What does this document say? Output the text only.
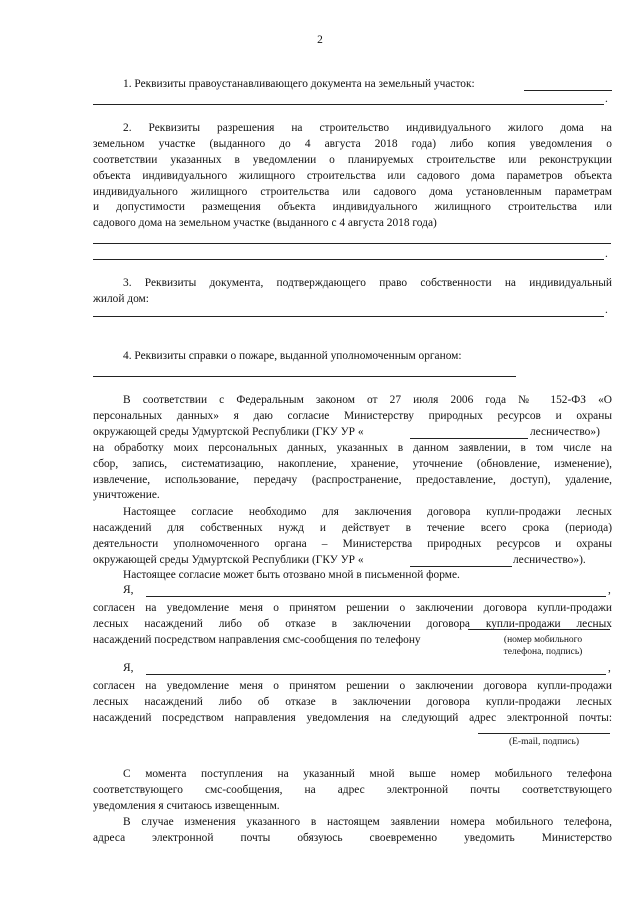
2
1. Реквизиты правоустанавливающего документа на земельный участок:
.
2. Реквизиты разрешения на строительство индивидуального жилого дома на
земельном участке (выданного до 4 августа 2018 года) либо копия уведомления о
соответствии указанных в уведомлении о планируемых строительстве или реконструкции
объекта индивидуального жилищного строительства или садового дома параметров объекта
индивидуального жилищного строительства или садового дома установленным параметрам
и допустимости размещения объекта индивидуального жилищного строительства или
садового дома на земельном участке (выданного с 4 августа 2018 года)
.
3. Реквизиты документа, подтверждающего право собственности на индивидуальный
жилой дом:
.
4. Реквизиты справки о пожаре, выданной уполномоченным органом:
В соответствии с Федеральным законом от 27 июля 2006 года № 152-ФЗ «О
персональных данных» я даю согласие Министерству природных ресурсов и охраны
окружающей среды Удмуртской Республики (ГКУ УР «	лесничество»)
на обработку моих персональных данных, указанных в данном заявлении, в том числе на
сбор, запись, систематизацию, накопление, хранение, уточнение (обновление, изменение),
извлечение, использование, передачу (распространение, предоставление, доступ), удаление,
уничтожение.
Настоящее согласие необходимо для заключения договора купли-продажи лесных
насаждений для собственных нужд и действует в течение всего срока (периода)
деятельности уполномоченного органа – Министерства природных ресурсов и охраны
окружающей среды Удмуртской Республики (ГКУ УР «	лесничество»).
Настоящее согласие может быть отозвано мной в письменной форме.
Я,	,
согласен на уведомление меня о принятом решении о заключении договора купли-продажи
лесных насаждений либо об отказе в заключении договора купли-продажи лесных
насаждений посредством направления смс-сообщения по телефону	(номер мобильного
телефона, подпись)
Я,	,
согласен на уведомление меня о принятом решении о заключении договора купли-продажи
лесных насаждений либо об отказе в заключении договора купли-продажи лесных
насаждений посредством направления уведомления на следующий адрес электронной почты:
(E-mail, подпись)
С момента поступления на указанный мной выше номер мобильного телефона
соответствующего смс-сообщения, на адрес электронной почты соответствующего
уведомления я считаюсь извещенным.
В случае изменения указанного в настоящем заявлении номера мобильного телефона,
адреса электронной почты обязуюсь своевременно уведомить Министерство
